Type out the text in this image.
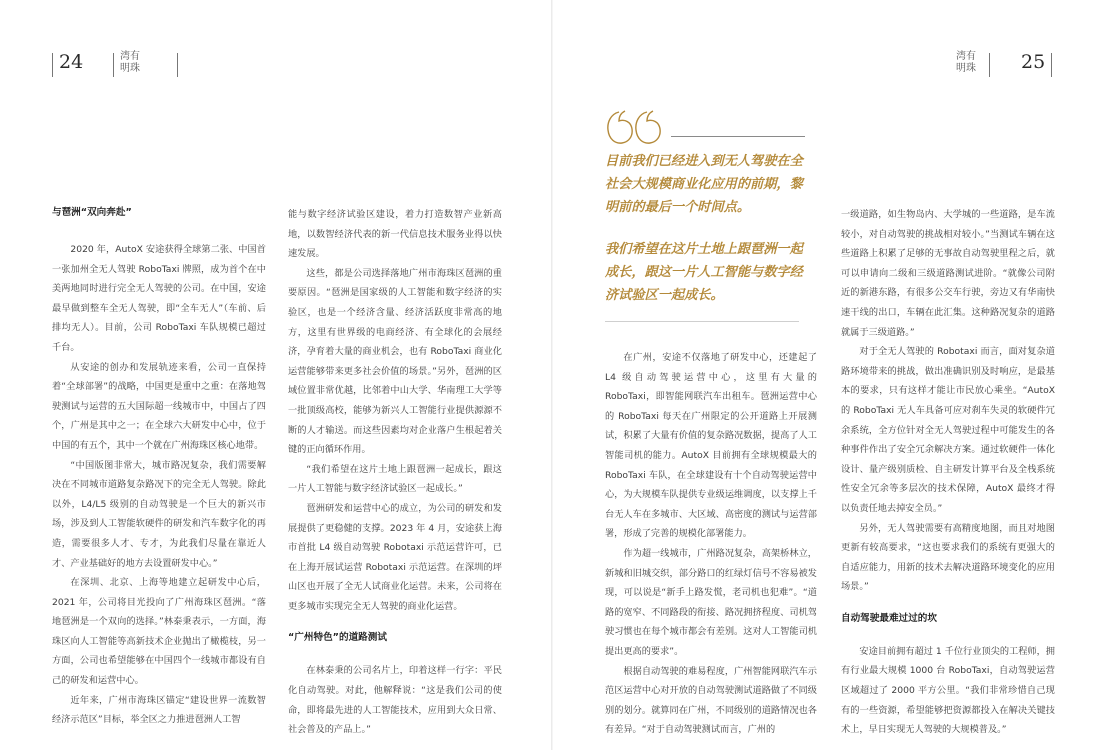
24	湾有
明珠
与琶洲“双向奔赴”

2020 年，AutoX 安途获得全球第二张、中国首一张加州全无人驾驶 RoboTaxi 牌照，成为首个在中美两地同时进行完全无人驾驶的公司。在中国，安途最早做到整车全无人驾驶，即“全车无人”（车前、后排均无人）。目前，公司 RoboTaxi 车队规模已超过千台。

从安途的创办和发展轨迹来看，公司一直保持着“全球部署”的战略，中国更是重中之重：在落地驾驶测试与运营的五大国际超一线城市中，中国占了四个，广州是其中之一；在全球六大研发中心中，位于中国的有五个，其中一个就在广州海珠区核心地带。

“中国版图非常大，城市路况复杂，我们需要解决在不同城市道路复杂路况下的完全无人驾驶。除此以外，L4/L5 级别的自动驾驶是一个巨大的新兴市场，涉及到人工智能软硬件的研发和汽车数字化的再造，需要很多人才、专才，为此我们尽量在靠近人才、产业基础好的地方去设置研发中心。”

在深圳、北京、上海等地建立起研发中心后，2021 年，公司将目光投向了广州海珠区琶洲。“落地琶洲是一个双向的选择。”林泰秉表示，一方面，海珠区向人工智能等高新技术企业抛出了橄榄枝，另一方面，公司也希望能够在中国四个一线城市都设有自己的研发和运营中心。

近年来，广州市海珠区锚定“建设世界一流数智经济示范区”目标，举全区之力推进琶洲人工智

能与数字经济试验区建设，着力打造数智产业新高地，以数智经济代表的新一代信息技术服务业得以快速发展。

这些，都是公司选择落地广州市海珠区琶洲的重要原因。“琶洲是国家级的人工智能和数字经济的实验区，也是一个经济含量、经济活跃度非常高的地方，这里有世界级的电商经济、有全球化的会展经济，孕育着大量的商业机会，也有 RoboTaxi 商业化运营能够带来更多社会价值的场景。”另外，琶洲的区域位置非常优越，比邻着中山大学、华南理工大学等一批顶级高校，能够为新兴人工智能行业提供源源不断的人才输送。而这些因素均对企业落户生根起着关键的正向循环作用。

“我们希望在这片土地上跟琶洲一起成长，跟这一片人工智能与数字经济试验区一起成长。”

琶洲研发和运营中心的成立，为公司的研发和发展提供了更稳健的支撑。2023 年 4 月，安途获上海市首批 L4 级自动驾驶 Robotaxi 示范运营许可，已在上海开展试运营 Robotaxi 示范运营。在深圳的坪山区也开展了全无人试商业化运营。未来，公司将在更多城市实现完全无人驾驶的商业化运营。

“广州特色”的道路测试

在林泰秉的公司名片上，印着这样一行字：平民化自动驾驶。对此，他解释说：“这是我们公司的使命，即将最先进的人工智能技术，应用到大众日常、社会普及的产品上。”

湾有
明珠 25
目前我们已经进入到无人驾驶在全社会大规模商业化应用的前期，黎明前的最后一个时间点。
我们希望在这片土地上跟琶洲一起成长，跟这一片人工智能与数字经济试验区一起成长。

在广州，安途不仅落地了研发中心，还建起了 L4 级自动驾驶运营中心，这里有大量的 RoboTaxi，即智能网联汽车出租车。琶洲运营中心的 RoboTaxi 每天在广州限定的公开道路上开展测试，积累了大量有价值的复杂路况数据，提高了人工智能司机的能力。AutoX 目前拥有全球规模最大的 RoboTaxi 车队，在全球建设有十个自动驾驶运营中心，为大规模车队提供专业级运维调度，以支撑上千台无人车在多城市、大区域、高密度的测试与运营部署，形成了完善的规模化部署能力。

作为超一线城市，广州路况复杂，高架桥林立，新城和旧城交织，部分路口的红绿灯信号不容易被发现，可以说是“新手上路发慌，老司机也犯难”。“道路的宽窄、不同路段的衔接、路况拥挤程度、司机驾驶习惯也在每个城市都会有差别。这对人工智能司机提出更高的要求”。

根据自动驾驶的难易程度，广州智能网联汽车示范区运营中心对开放的自动驾驶测试道路做了不同级别的划分。就算同在广州，不同级别的道路情况也各有差异。“对于自动驾驶测试而言，广州的

一级道路，如生物岛内、大学城的一些道路，是车流较小，对自动驾驶的挑战相对较小。”当测试车辆在这些道路上积累了足够的无事故自动驾驶里程之后，就可以申请向二级和三级道路测试进阶。“就像公司附近的新港东路，有很多公交车行驶，旁边又有华南快速干线的出口，车辆在此汇集。这种路况复杂的道路就属于三级道路。”

对于全无人驾驶的 Robotaxi 而言，面对复杂道路环境带来的挑战，做出准确识别及时响应，是最基本的要求，只有这样才能让市民放心乘坐。“AutoX 的 RoboTaxi 无人车具备可应对刹车失灵的软硬件冗余系统，全方位针对全无人驾驶过程中可能发生的各种事件作出了安全冗余解决方案。通过软硬件一体化设计、量产级别质检、自主研发计算平台及全栈系统性安全冗余等多层次的技术保障，AutoX 最终才得以负责任地去掉安全员。”

另外，无人驾驶需要有高精度地图，而且对地图更新有较高要求，“这也要求我们的系统有更强大的自适应能力，用新的技术去解决道路环境变化的应用场景。”

自动驾驶最难过过的坎

安途目前拥有超过 1 千位行业顶尖的工程师，拥有行业最大规模 1000 台 RoboTaxi，自动驾驶运营区域超过了 2000 平方公里。“我们非常珍惜自己现有的一些资源，希望能够把资源都投入在解决关键技术上，早日实现无人驾驶的大规模普及。”
